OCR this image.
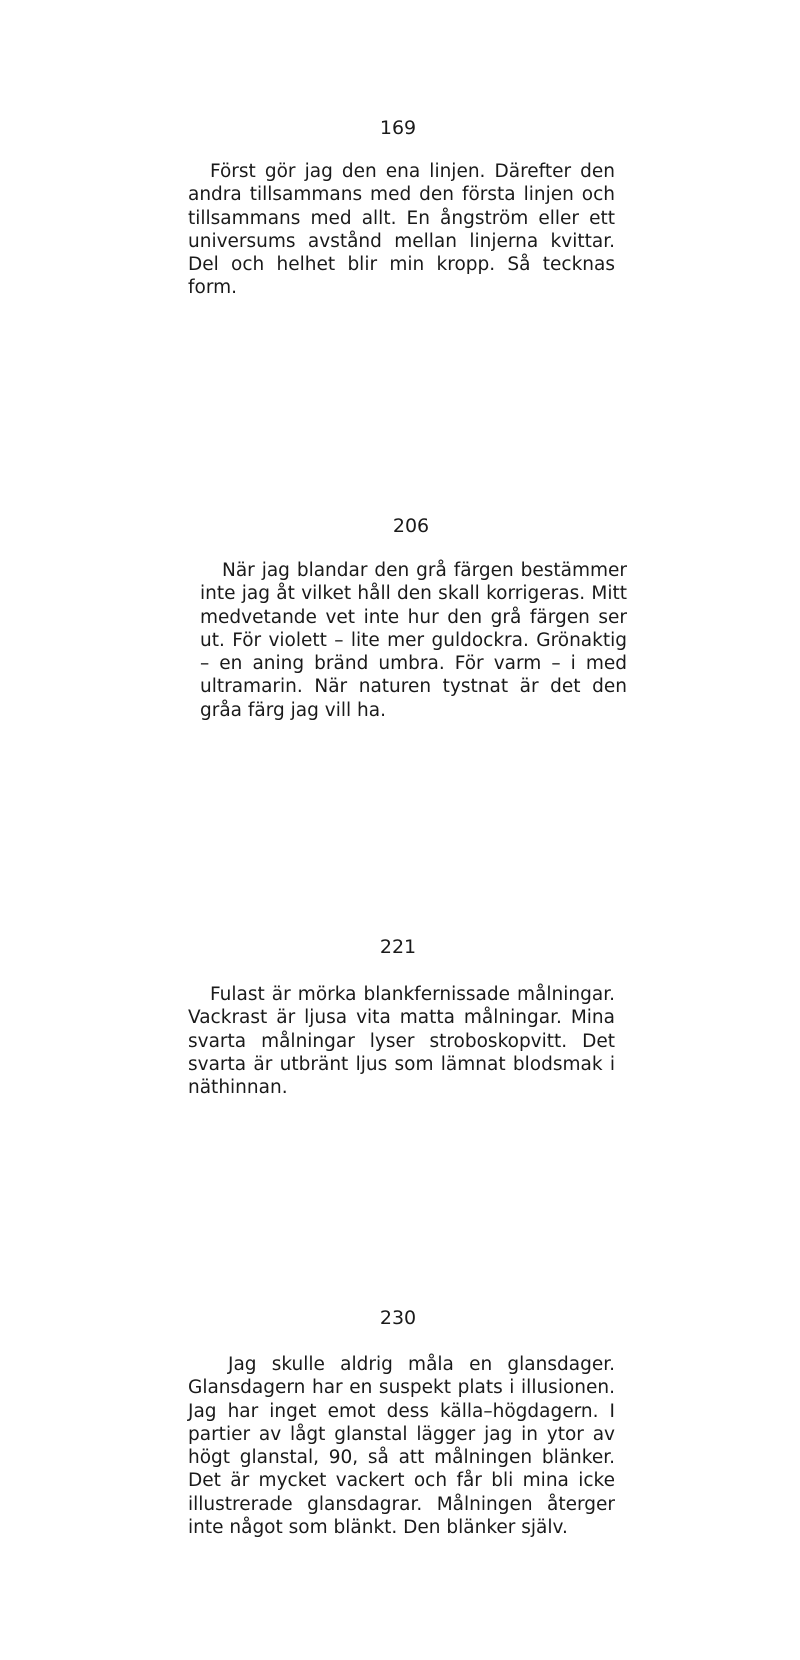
169

Först gör jag den ena linjen. Därefter den andra tillsammans med den första linjen och tillsammans med allt. En ångström eller ett universums avstånd mellan linjerna kvittar. Del och helhet blir min kropp. Så tecknas form.

206

När jag blandar den grå färgen bestämmer inte jag åt vilket håll den skall korrigeras. Mitt medvetande vet inte hur den grå färgen ser ut. För violett – lite mer guldockra. Grönaktig – en aning bränd umbra. För varm – i med ultramarin. När naturen tystnat är det den gråa färg jag vill ha.

221

Fulast är mörka blankfernissade målningar. Vackrast är ljusa vita matta målningar. Mina svarta målningar lyser stroboskopvitt. Det svarta är utbränt ljus som lämnat blodsmak i näthinnan.

230

Jag skulle aldrig måla en glansdager. Glansdagern har en suspekt plats i illusionen. Jag har inget emot dess källa–högdagern. I partier av lågt glanstal lägger jag in ytor av högt glanstal, 90, så att målningen blänker. Det är mycket vackert och får bli mina icke illustrerade glansdagrar. Målningen återger inte något som blänkt. Den blänker själv.
